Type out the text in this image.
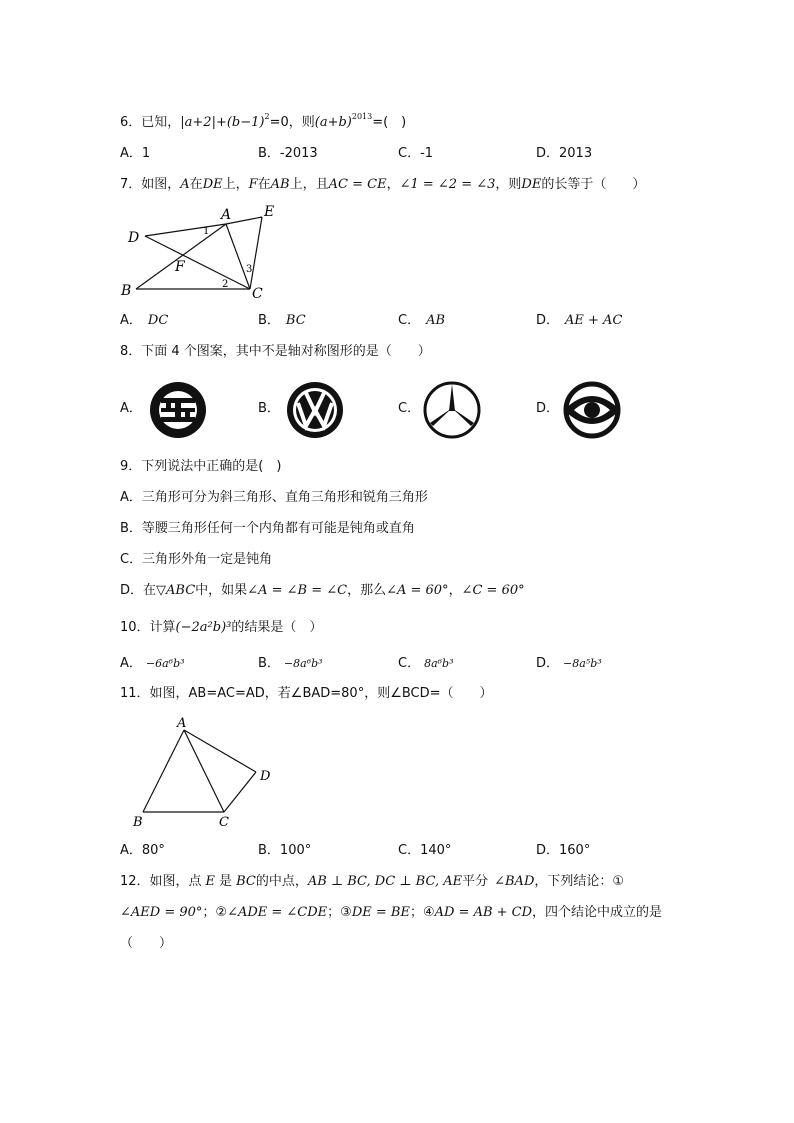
6．已知，$|a+2|+(b-1)^2=0$，则$(a+b)^{2013}=$(　)
A．1	B．-2013	C．-1	D．2013
7．如图，A在DE上，F在AB上，且AC = CE，∠1 = ∠2 = ∠3，则DE的长等于（　　）
D
A E
F
B	C
1
2
3
A． DC	B． BC	C． AB	D． AE + AC
8．下面 4 个图案，其中不是轴对称图形的是（　　）
A．	B．	C．	D．
9．下列说法中正确的是(　)
A．三角形可分为斜三角形、直角三角形和锐角三角形
B．等腰三角形任何一个内角都有可能是钝角或直角
C．三角形外角一定是钝角
D．在▽ABC中，如果∠A = ∠B = ∠C，那么∠A = 60°，∠C = 60°
10．计算(−2a²b)³的结果是（　）
A． −6a⁶b³	B． −8a⁶b³	C． 8a⁶b³	D． −8a⁵b³
11．如图，AB=AC=AD，若∠BAD=80°，则∠BCD=（　　）
A
B	C
D
A．80°	B．100°	C．140°	D．160°
12．如图，点 E 是 BC的中点，AB ⊥ BC, DC ⊥ BC, AE平分 ∠BAD，下列结论：①
∠AED = 90°；②∠ADE = ∠CDE；③DE = BE；④AD = AB + CD，四个结论中成立的是
（　　）
